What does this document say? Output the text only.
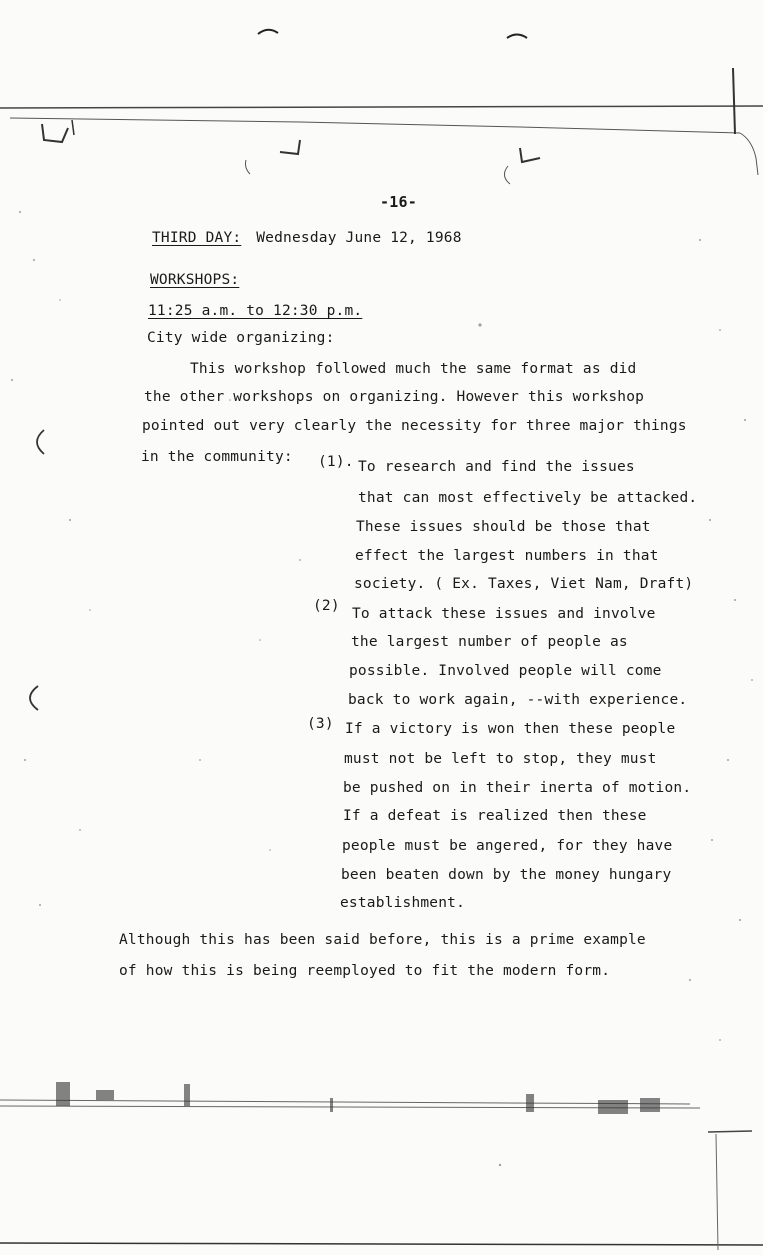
-16-
THIRD DAY: Wednesday June 12, 1968
WORKSHOPS:
11:25 a.m. to 12:30 p.m.
City wide organizing:
This workshop followed much the same format as did
the other workshops on organizing. However this workshop
pointed out very clearly the necessity for three major things
in the community: (1). To research and find the issues
that can most effectively be attacked.
These issues should be those that
effect the largest numbers in that
society. ( Ex. Taxes, Viet Nam, Draft)
(2) To attack these issues and involve
the largest number of people as
possible. Involved people will come
back to work again, --with experience.
(3) If a victory is won then these people
must not be left to stop, they must
be pushed on in their inerta of motion.
If a defeat is realized then these
people must be angered, for they have
been beaten down by the money hungary
establishment.
Although this has been said before, this is a prime example
of how this is being reemployed to fit the modern form.
